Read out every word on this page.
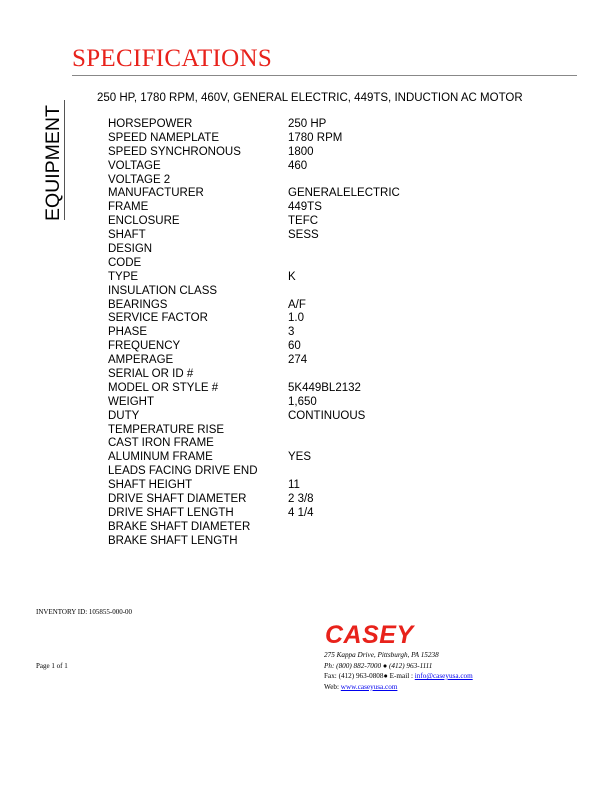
SPECIFICATIONS
EQUIPMENT
250 HP, 1780 RPM, 460V, GENERAL ELECTRIC, 449TS, INDUCTION AC MOTOR
HORSEPOWER	250 HP
SPEED NAMEPLATE	1780 RPM
SPEED SYNCHRONOUS	1800
VOLTAGE	460
VOLTAGE 2
MANUFACTURER	GENERALELECTRIC
FRAME	449TS
ENCLOSURE	TEFC
SHAFT	SESS
DESIGN
CODE
TYPE	K
INSULATION CLASS
BEARINGS	A/F
SERVICE FACTOR	1.0
PHASE	3
FREQUENCY	60
AMPERAGE	274
SERIAL OR ID #
MODEL OR STYLE #	5K449BL2132
WEIGHT	1,650
DUTY	CONTINUOUS
TEMPERATURE RISE
CAST IRON FRAME
ALUMINUM FRAME	YES
LEADS FACING DRIVE END
SHAFT HEIGHT	11
DRIVE SHAFT DIAMETER	2 3/8
DRIVE SHAFT LENGTH	4 1/4
BRAKE SHAFT DIAMETER
BRAKE SHAFT LENGTH
INVENTORY ID: 105855-000-00
Page 1 of 1
CASEY
275 Kappa Drive, Pittsburgh, PA 15238
Ph: (800) 882-7000 ● (412) 963-1111
Fax: (412) 963-0808● E-mail : info@caseyusa.com
Web: www.caseyusa.com
